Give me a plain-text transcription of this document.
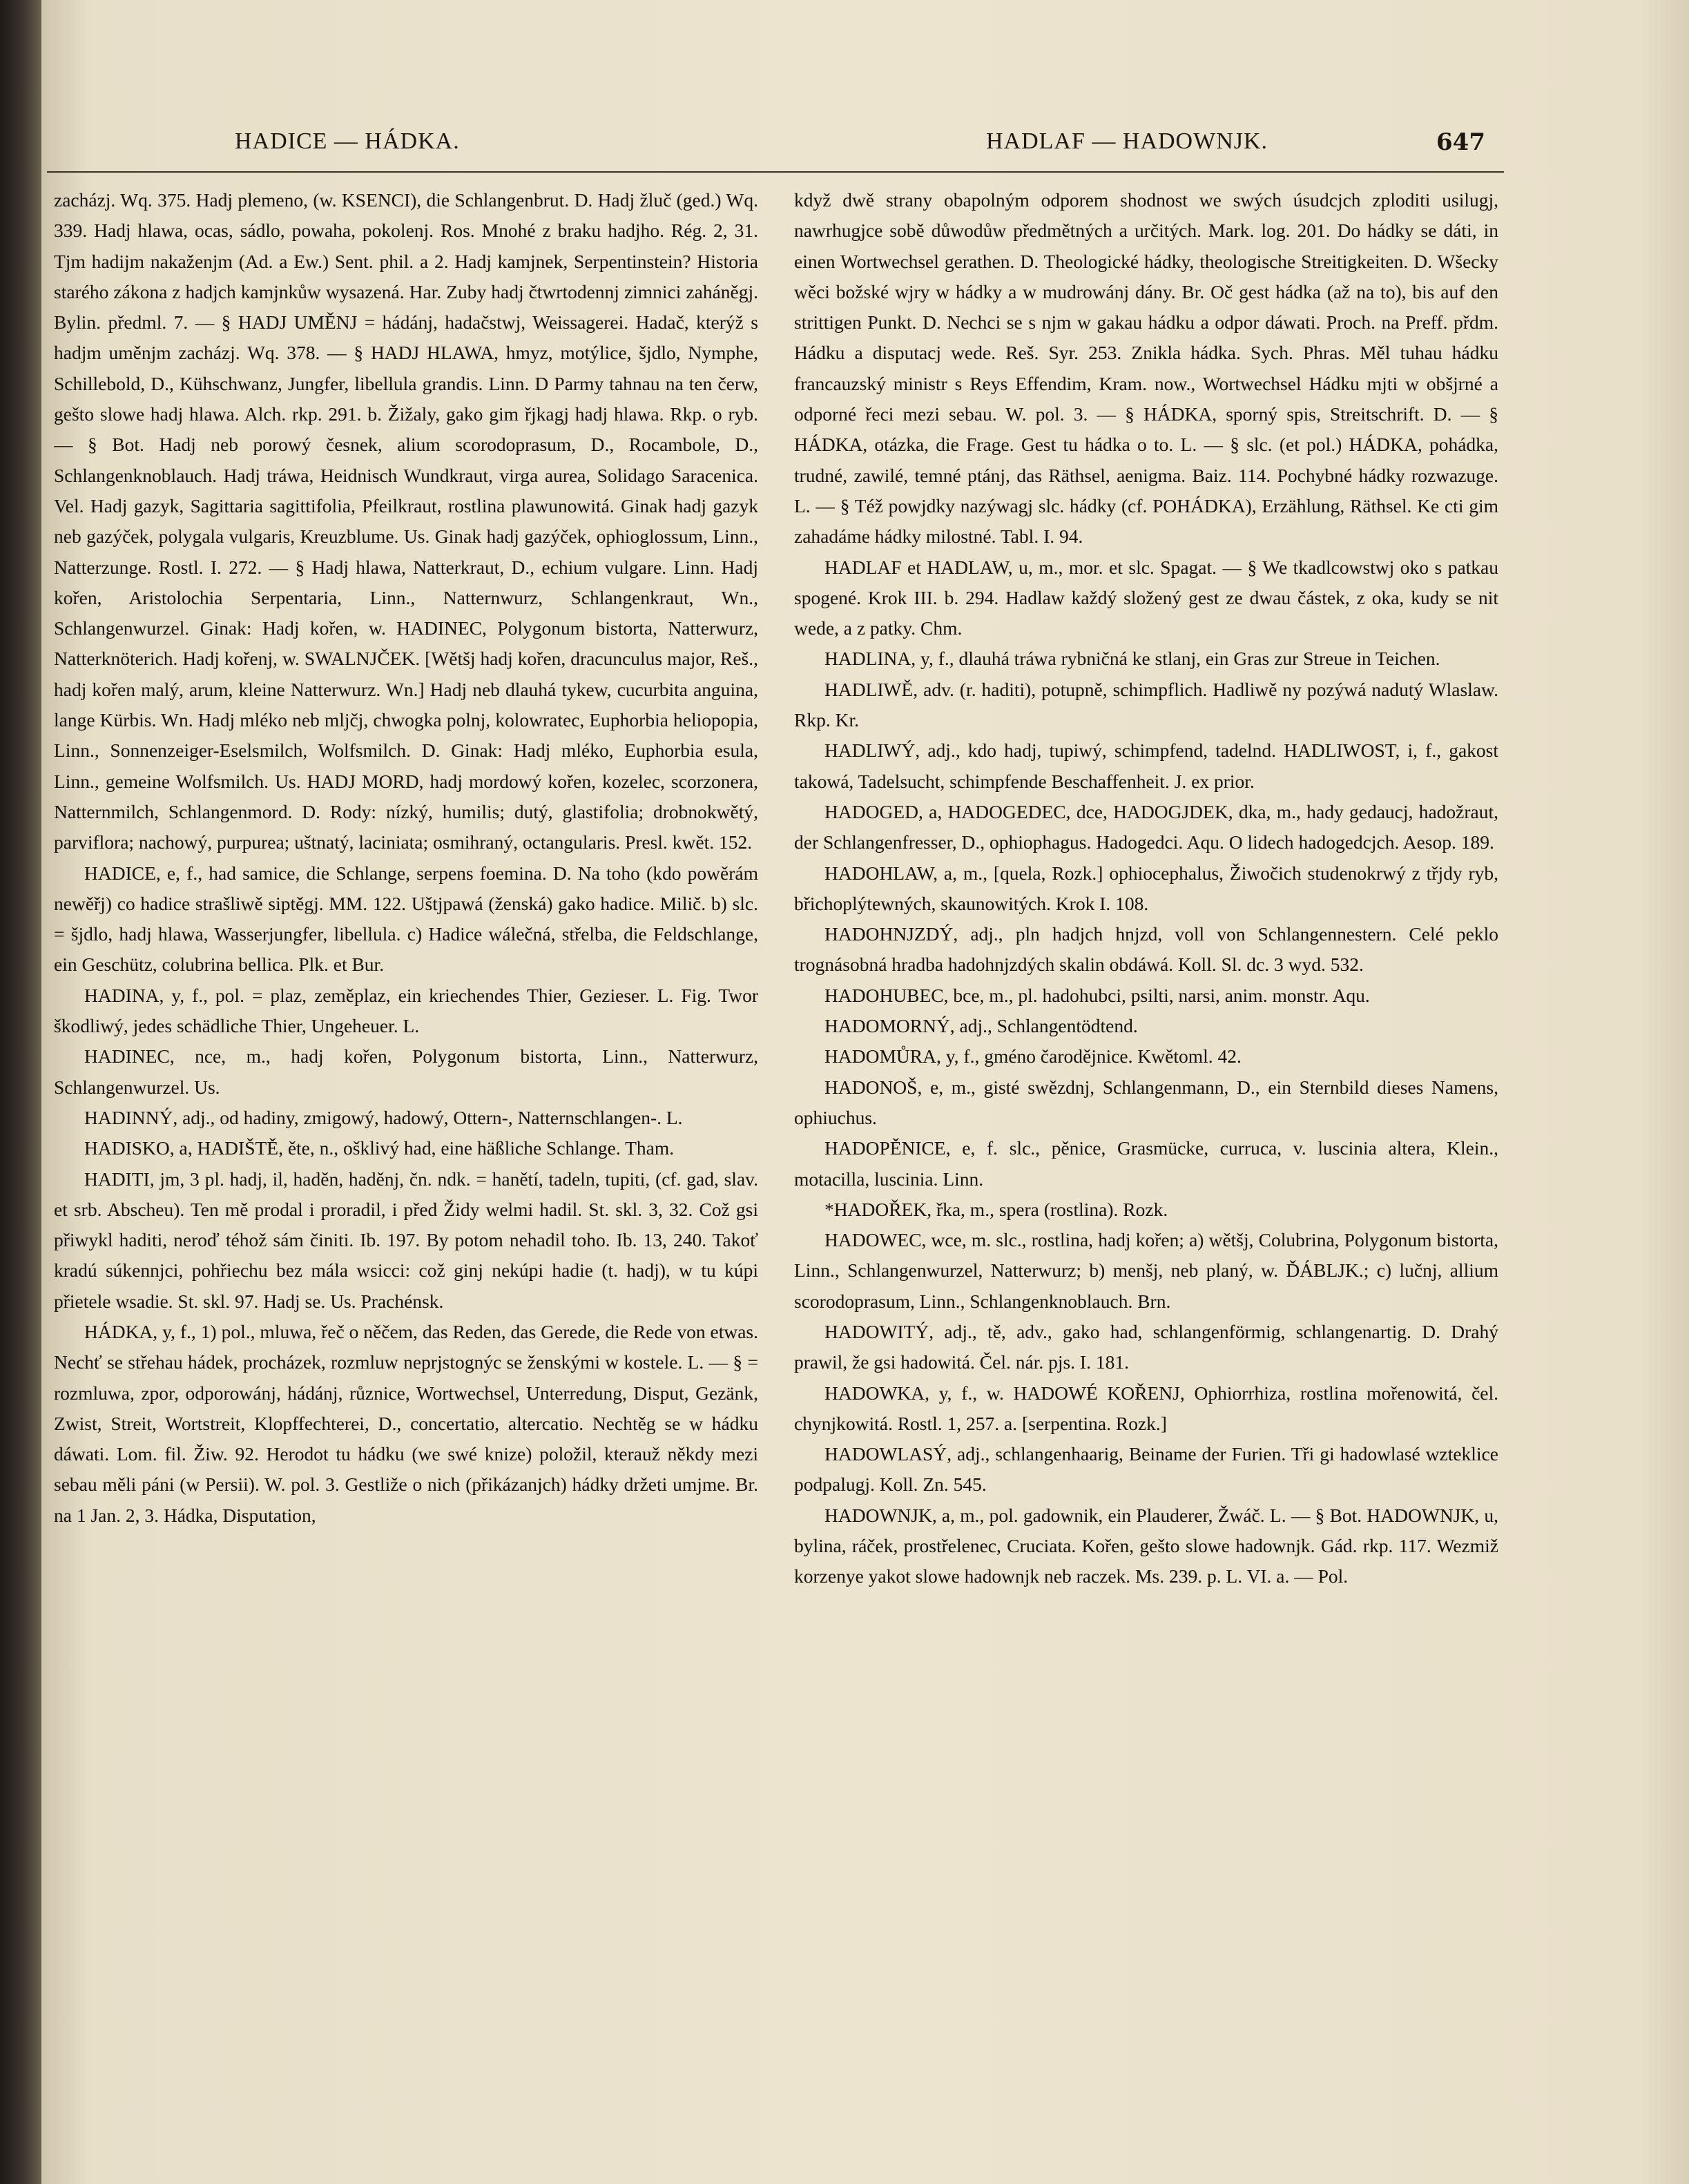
HADICE — HÁDKA.	HADLAF — HADOWNJK.	647

zacházj. Wq. 375. Hadj plemeno, (w. KSENCI), die Schlangenbrut. D. Hadj žluč (ged.) Wq. 339. Hadj hlawa, ocas, sádlo, powaha, pokolenj. Ros. Mnohé z braku hadjho. Rég. 2, 31. Tjm hadijm nakaženjm (Ad. a Ew.) Sent. phil. a 2. Hadj kamjnek, Serpentinstein? Historia starého zákona z hadjch kamjnkůw wysazená. Har. Zuby hadj čtwrtodennj zimnici zaháněgj. Bylin. předml. 7. — § HADJ UMĚNJ = hádánj, hadačstwj, Weissagerei. Hadač, kterýž s hadjm uměnjm zacházj. Wq. 378. — § HADJ HLAWA, hmyz, motýlice, šjdlo, Nymphe, Schillebold, D., Kühschwanz, Jungfer, libellula grandis. Linn. D Parmy tahnau na ten čerw, geštо slowe hadj hlawa. Alch. rkp. 291. b. Žižaly, gako gim řjkagj hadj hlawa. Rkp. o ryb. — § Bot. Hadj neb porowý česnek, alium scorodoprasum, D., Rocambole, D., Schlangenknoblauch. Hadj tráwa, Heidnisch Wundkraut, virga aurea, Solidago Saracenica. Vel. Hadj gazyk, Sagittaria sagittifolia, Pfeilkraut, rostlina plawunowitá. Ginak hadj gazyk neb gazýček, polygala vulgaris, Kreuzblume. Us. Ginak hadj gazýček, ophioglossum, Linn., Natterzunge. Rostl. I. 272. — § Hadj hlawa, Natterkraut, D., echium vulgare. Linn. Hadj kořen, Aristolochia Serpentaria, Linn., Natternwurz, Schlangenkraut, Wn., Schlangenwurzel. Ginak: Hadj kořen, w. HADINEC, Polygonum bistorta, Natterwurz, Natterknöterich. Hadj kořenj, w. SWALNJČEK. [Wětšj hadj kořen, dracunculus major, Reš., hadj kořen malý, arum, kleine Natterwurz. Wn.] Hadj neb dlauhá tykew, cucurbita anguina, lange Kürbis. Wn. Hadj mléko neb mljčj, chwogka polnj, kolowratec, Euphorbia heliopopia, Linn., Sonnenzeiger-Eselsmilch, Wolfsmilch. D. Ginak: Hadj mléko, Euphorbia esula, Linn., gemeine Wolfsmilch. Us. HADJ MORD, hadj mordowý kořen, kozelec, scorzonera, Natternmilch, Schlangenmord. D. Rody: nízký, humilis; dutý, glastifolia; drobnokwětý, parviflora; nachowý, purpurea; uštnatý, laciniata; osmihraný, octangularis. Presl. kwět. 152.

HADICE, e, f., had samice, die Schlange, serpens foemina. D. Na toho (kdo powěrám newěřj) co hadice strašliwě siptěgj. MM. 122. Uštjpawá (ženská) gako hadice. Milič. b) slc. = šjdlo, hadj hlawa, Wasserjungfer, libellula. c) Hadice wálečná, střelba, die Feldschlange, ein Geschütz, colubrina bellica. Plk. et Bur.

HADINA, y, f., pol. = plaz, zeměplaz, ein kriechendes Thier, Gezieser. L. Fig. Twor škodliwý, jedes schädliche Thier, Ungeheuer. L.

HADINEC, nce, m., hadj kořen, Polygonum bistorta, Linn., Natterwurz, Schlangenwurzel. Us.

HADINNÝ, adj., od hadiny, zmigowý, hadowý, Ottern-, Natternschlangen-. L.

HADISKO, a, HADIŠTĚ, ěte, n., ošklivý had, eine häßliche Schlange. Tham.

HADITI, jm, 3 pl. hadj, il, haděn, haděnj, čn. ndk. = hanětí, tadeln, tupiti, (cf. gad, slav. et srb. Abscheu). Ten mě prodal i proradil, i před Židy welmi hadil. St. skl. 3, 32. Což gsi přiwykl haditi, neroď téhož sám činiti. Ib. 197. By potom nehadil toho. Ib. 13, 240. Takoť kradú súkennjci, pohřiechu bez mála wsicci: což ginj nekúpi hadie (t. hadj), w tu kúpi přietele wsadie. St. skl. 97. Hadj se. Us. Prachénsk.

HÁDKA, y, f., 1) pol., mluwa, řeč o něčem, das Reden, das Gerede, die Rede von etwas. Nechť se střehau hádek, procházek, rozmluw neprjstognýc se ženskými w kostele. L. — § = rozmluwa, zpor, odporowánj, hádánj, různice, Wortwechsel, Unterredung, Disput, Gezänk, Zwist, Streit, Wortstreit, Klopffechterei, D., concertatio, altercatio. Nechtěg se w hádku dáwati. Lom. fil. Žiw. 92. Herodot tu hádku (we swé knize) položil, kterauž někdy mezi sebau měli páni (w Persii). W. pol. 3. Gestliže o nich (přikázanjch) hádky držeti umjme. Br. na 1 Jan. 2, 3. Hádka, Disputation,

když dwě strany obapolným odporem shodnost we swých úsudcjch zploditi usilugj, nawrhugjce sobě důwodůw předmětných a určitých. Mark. log. 201. Do hádky se dáti, in einen Wortwechsel gerathen. D. Theologické hádky, theologische Streitigkeiten. D. Wšecky wěci božské wjry w hádky a w mudrowánj dány. Br. Oč gest hádka (až na to), bis auf den strittigen Punkt. D. Nechci se s njm w gakau hádku a odpor dáwati. Proch. na Preff. přdm. Hádku a disputacj wede. Reš. Syr. 253. Znikla hádka. Sych. Phras. Měl tuhau hádku francauzský ministr s Reys Effendim, Kram. now., Wortwechsel Hádku mjti w obšjrné a odporné řeci mezi sebau. W. pol. 3. — § HÁDKA, sporný spis, Streitschrift. D. — § HÁDKA, otázka, die Frage. Gest tu hádka o to. L. — § slc. (et pol.) HÁDKA, pohádka, trudné, zawilé, temné ptánj, das Räthsel, aenigma. Baiz. 114. Pochybné hádky rozwazuge. L. — § Též powjdky nazýwagj slc. hádky (cf. POHÁDKA), Erzählung, Räthsel. Ke cti gim zahadáme hádky milostné. Tabl. I. 94.

HADLAF et HADLAW, u, m., mor. et slc. Spagat. — § We tkadlcowstwj oko s patkau spogené. Krok III. b. 294. Hadlaw každý složený gest ze dwau částek, z oka, kudy se nit wede, a z patky. Chm.

HADLINA, y, f., dlauhá tráwa rybničná ke stlanj, ein Gras zur Streue in Teichen.

HADLIWĚ, adv. (r. haditi), potupně, schimpflich. Hadliwě ny pozýwá nadutý Wlaslaw. Rkp. Kr.

HADLIWÝ, adj., kdo hadj, tupiwý, schimpfend, tadelnd. HADLIWOST, i, f., gakost takowá, Tadelsucht, schimpfende Beschaffenheit. J. ex prior.

HADOGED, a, HADOGEDEC, dce, HADOGJDEK, dka, m., hady gedaucj, hadožraut, der Schlangenfresser, D., ophiophagus. Hadogedci. Aqu. O lidech hadogedcjch. Aesop. 189.

HADOHLAW, a, m., [quela, Rozk.] ophiocephalus, Žiwočich studenokrwý z třjdy ryb, břichoplýtewných, skaunowitých. Krok I. 108.

HADOHNJZDÝ, adj., pln hadjch hnjzd, voll von Schlangennestern. Celé peklo trognásobná hradba hadohnjzdých skalin obdáwá. Koll. Sl. dc. 3 wyd. 532.

HADOHUBEC, bce, m., pl. hadohubci, psilti, narsi, anim. monstr. Aqu.

HADOMORNÝ, adj., Schlangentödtend.

HADOMŮRA, y, f., gméno čarodějnice. Kwětoml. 42.

HADONOŠ, e, m., gisté swězdnj, Schlangenmann, D., ein Sternbild dieses Namens, ophiuchus.

HADOPĚNICE, e, f. slc., pěnice, Grasmücke, curruca, v. luscinia altera, Klein., motacilla, luscinia. Linn.

*HADOŘEK, řka, m., spera (rostlina). Rozk.

HADOWEC, wce, m. slc., rostlina, hadj kořen; a) wětšj, Colubrina, Polygonum bistorta, Linn., Schlangenwurzel, Natterwurz; b) menšj, neb planý, w. ĎÁBLJK.; c) lučnj, allium scorodoprasum, Linn., Schlangenknoblauch. Brn.

HADOWITÝ, adj., tě, adv., gako had, schlangenförmig, schlangenartig. D. Drahý prawil, že gsi hadowitá. Čel. nár. pjs. I. 181.

HADOWKA, y, f., w. HADOWÉ KOŘENJ, Ophiorrhiza, rostlina mořenowitá, čel. chynjkowitá. Rostl. 1, 257. a. [serpentina. Rozk.]

HADOWLASÝ, adj., schlangenhaarig, Beiname der Furien. Tři gi hadowlasé wzteklice podpalugj. Koll. Zn. 545.

HADOWNJK, a, m., pol. gadownik, ein Plauderer, Žwáč. L. — § Bot. HADOWNJK, u, bylina, ráček, prostřelenec, Cruciata. Kořen, gešto slowe hadownjk. Gád. rkp. 117. Wezmiž korzenye yakot slowe hadownjk neb raczek. Ms. 239. p. L. VI. a. — Pol.
